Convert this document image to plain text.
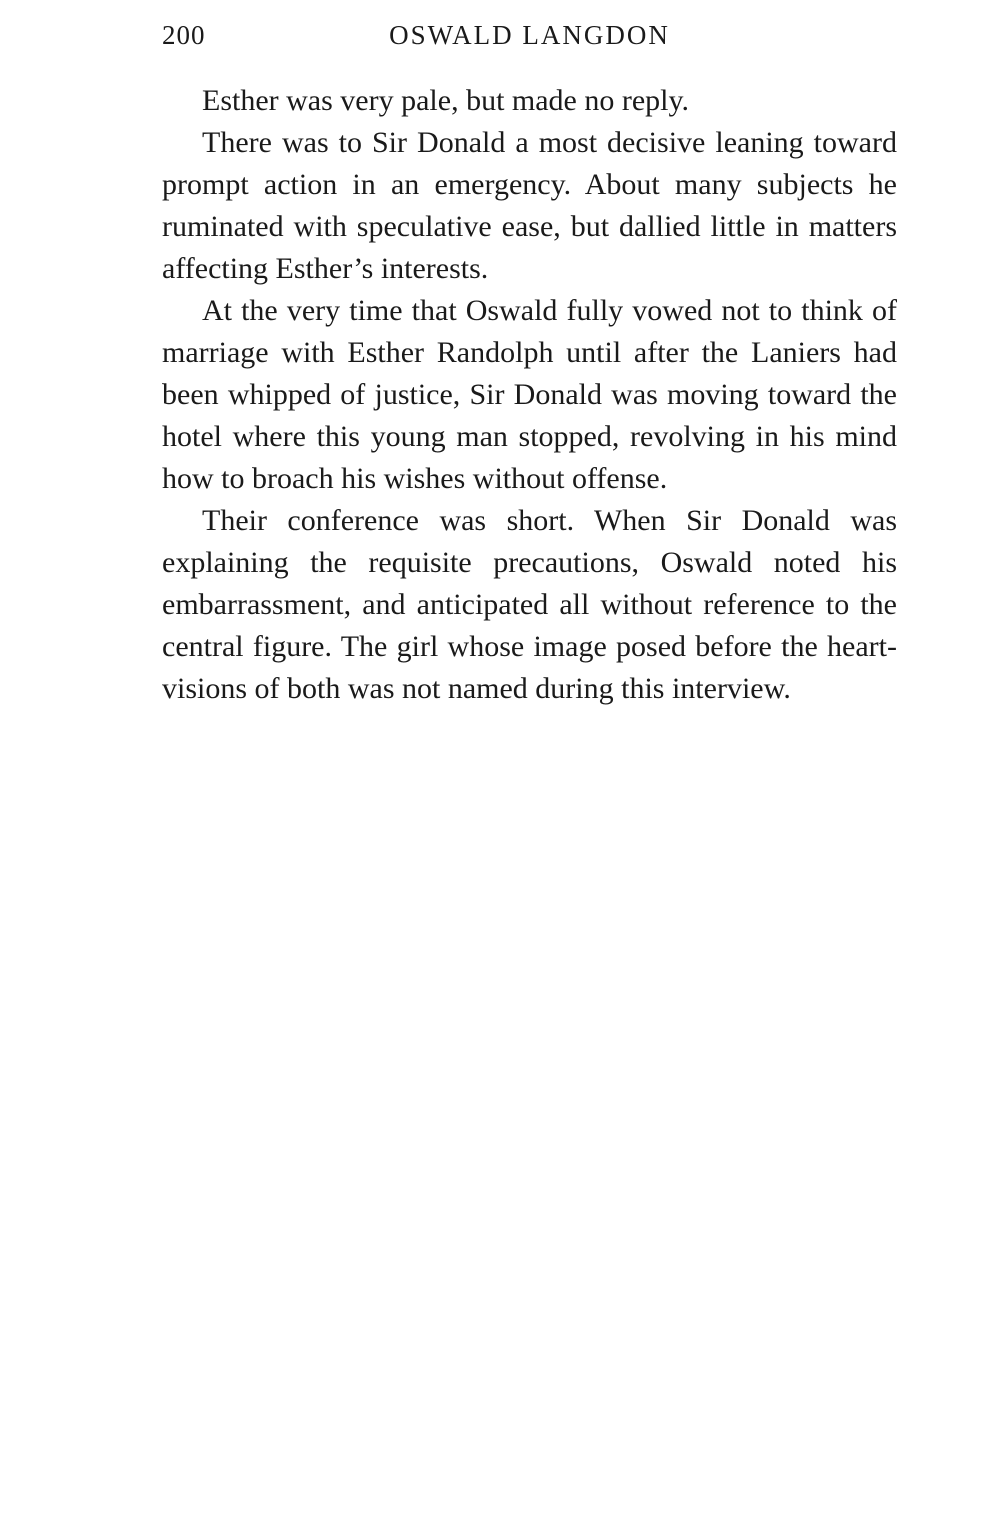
200	OSWALD LANGDON

Esther was very pale, but made no reply.

There was to Sir Donald a most decisive leaning toward prompt action in an emergency. About many subjects he ruminated with speculative ease, but dallied little in matters affecting Esther’s interests.

At the very time that Oswald fully vowed not to think of marriage with Esther Randolph until after the Laniers had been whipped of justice, Sir Donald was moving toward the hotel where this young man stopped, revolving in his mind how to broach his wishes without offense.

Their conference was short. When Sir Donald was explaining the requisite precautions, Oswald noted his embarrassment, and anticipated all without reference to the central figure. The girl whose image posed before the heart-visions of both was not named during this interview.
